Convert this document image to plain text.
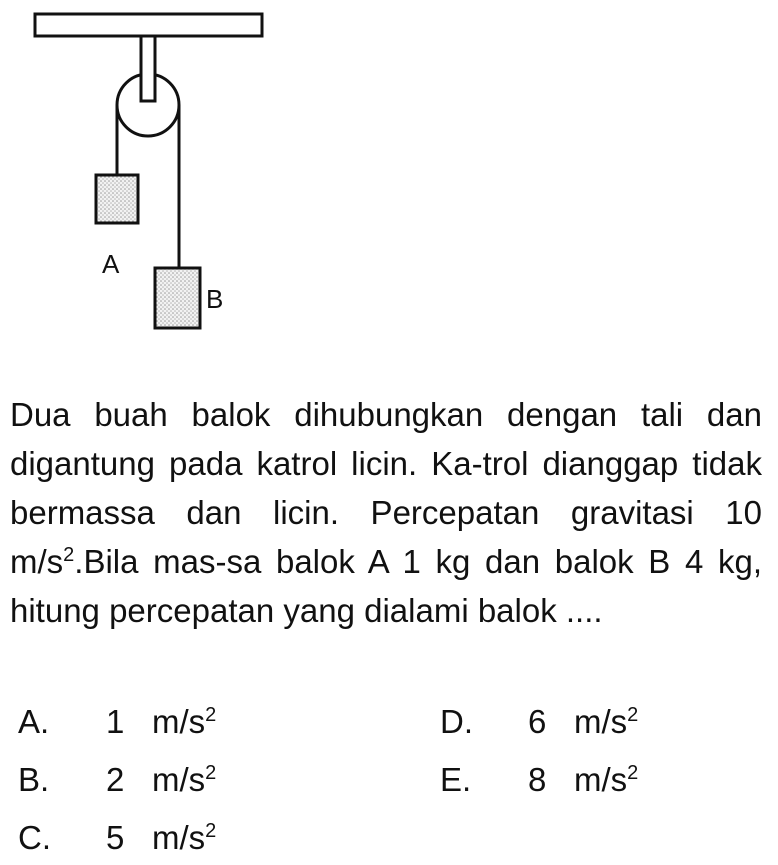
A
B

Dua buah balok dihubungkan dengan tali dan digantung pada katrol licin. Ka-trol dianggap tidak bermassa dan licin. Percepatan gravitasi 10 $m/s^2.Bila$ mas-sa balok A 1 kg dan balok B 4 kg, hitung percepatan yang dialami balok ....

A. 1 $m/s^2$
B. 2 $m/s^2$
C. 5 $m/s^2$
D. 6 $m/s^2$
E. 8 $m/s^2$
